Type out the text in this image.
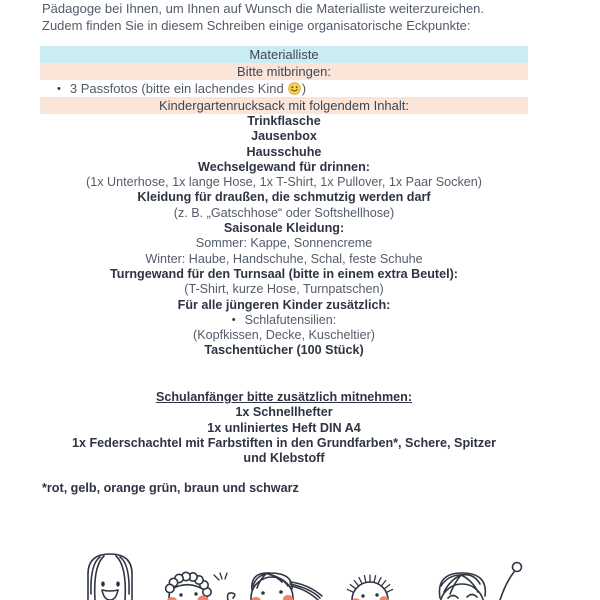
Pädagoge bei Ihnen, um Ihnen auf Wunsch die Materialliste weiterzureichen.
Zudem finden Sie in diesem Schreiben einige organisatorische Eckpunkte:
Materialliste
Bitte mitbringen:
• 3 Passfotos (bitte ein lachendes Kind )
Kindergartenrucksack mit folgendem Inhalt:
Trinkflasche
Jausenbox
Hausschuhe
Wechselgewand für drinnen:
(1x Unterhose, 1x lange Hose, 1x T-Shirt, 1x Pullover, 1x Paar Socken)
Kleidung für draußen, die schmutzig werden darf
(z. B. „Gatschhose“ oder Softshellhose)
Saisonale Kleidung:
Sommer: Kappe, Sonnencreme
Winter: Haube, Handschuhe, Schal, feste Schuhe
Turngewand für den Turnsaal (bitte in einem extra Beutel):
(T-Shirt, kurze Hose, Turnpatschen)
Für alle jüngeren Kinder zusätzlich:
• Schlafutensilien:
(Kopfkissen, Decke, Kuscheltier)
Taschentücher (100 Stück)
Schulanfänger bitte zusätzlich mitnehmen:
1x Schnellhefter
1x unliniertes Heft DIN A4
1x Federschachtel mit Farbstiften in den Grundfarben*, Schere, Spitzer
und Klebstoff
*rot, gelb, orange grün, braun und schwarz
